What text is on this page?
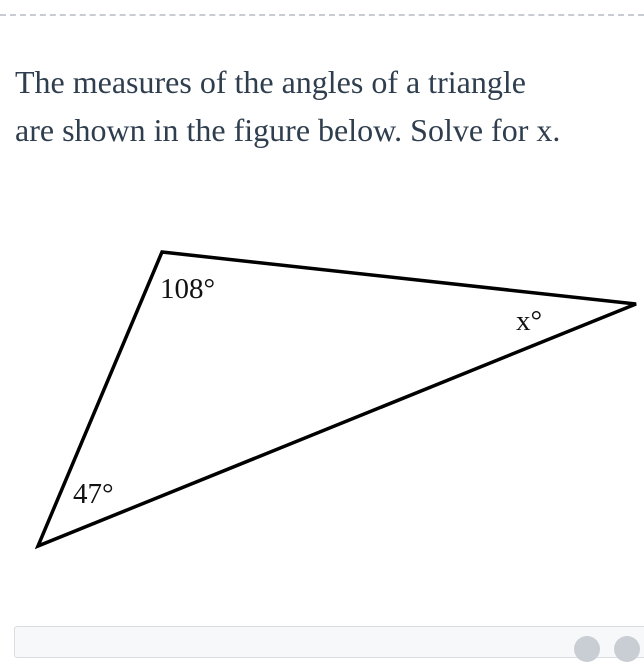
The measures of the angles of a triangle
are shown in the figure below. Solve for x.

108°
x°
47°
